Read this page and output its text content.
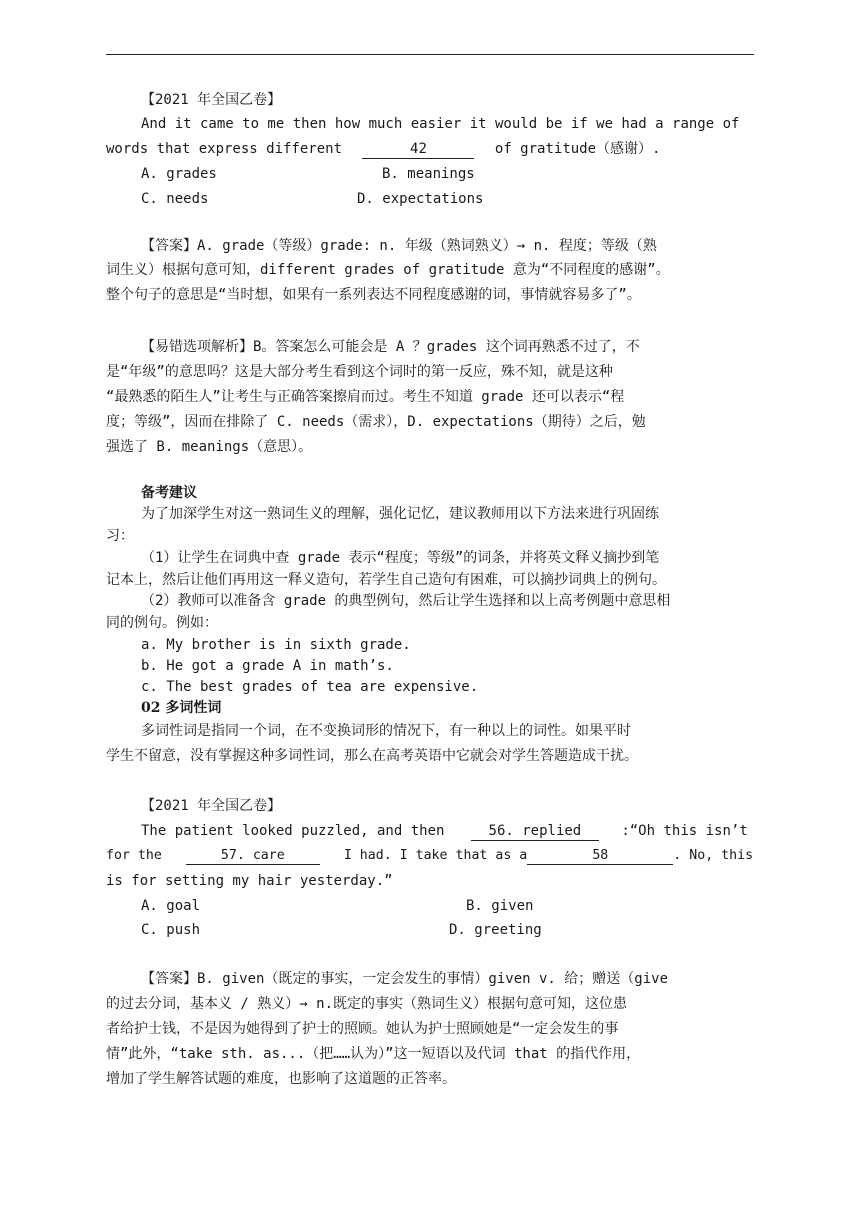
【2021 年全国乙卷】
And it came to me then how much easier it would be if we had a range of
words that express different	42	of gratitude（感谢）.
A. grades	B. meanings
C. needs	D. expectations
【答案】A. grade（等级）grade: n. 年级（熟词熟义）→ n. 程度；等级（熟
词生义）根据句意可知，different grades of gratitude 意为“不同程度的感谢”。
整个句子的意思是“当时想，如果有一系列表达不同程度感谢的词，事情就容易多了”。
【易错选项解析】B。答案怎么可能会是 A ？grades 这个词再熟悉不过了，不
是“年级”的意思吗？这是大部分考生看到这个词时的第一反应，殊不知，就是这种
“最熟悉的陌生人”让考生与正确答案擦肩而过。考生不知道 grade 还可以表示“程
度；等级”，因而在排除了 C. needs（需求），D. expectations（期待）之后，勉
强选了 B. meanings（意思）。
备考建议
为了加深学生对这一熟词生义的理解，强化记忆，建议教师用以下方法来进行巩固练
习：
（1）让学生在词典中查 grade 表示“程度；等级”的词条，并将英文释义摘抄到笔
记本上，然后让他们再用这一释义造句，若学生自己造句有困难，可以摘抄词典上的例句。
（2）教师可以准备含 grade 的典型例句，然后让学生选择和以上高考例题中意思相
同的例句。例如：
a. My brother is in sixth grade.
b. He got a grade A in math’s.
c. The best grades of tea are expensive.
02 多词性词
多词性词是指同一个词，在不变换词形的情况下，有一种以上的词性。如果平时
学生不留意，没有掌握这种多词性词，那么在高考英语中它就会对学生答题造成干扰。
【2021 年全国乙卷】
The patient looked puzzled, and then	56. replied	:“Oh this isn’t
for the	57. care	I had. I take that as a	58	. No, this
is for setting my hair yesterday.”
A. goal	B. given
C. push	D. greeting
【答案】B. given（既定的事实，一定会发生的事情）given v. 给；赠送（give
的过去分词，基本义 / 熟义）→ n.既定的事实（熟词生义）根据句意可知，这位患
者给护士钱，不是因为她得到了护士的照顾。她认为护士照顾她是“一定会发生的事
情”此外，“take sth. as...（把……认为）”这一短语以及代词 that 的指代作用，
增加了学生解答试题的难度，也影响了这道题的正答率。
